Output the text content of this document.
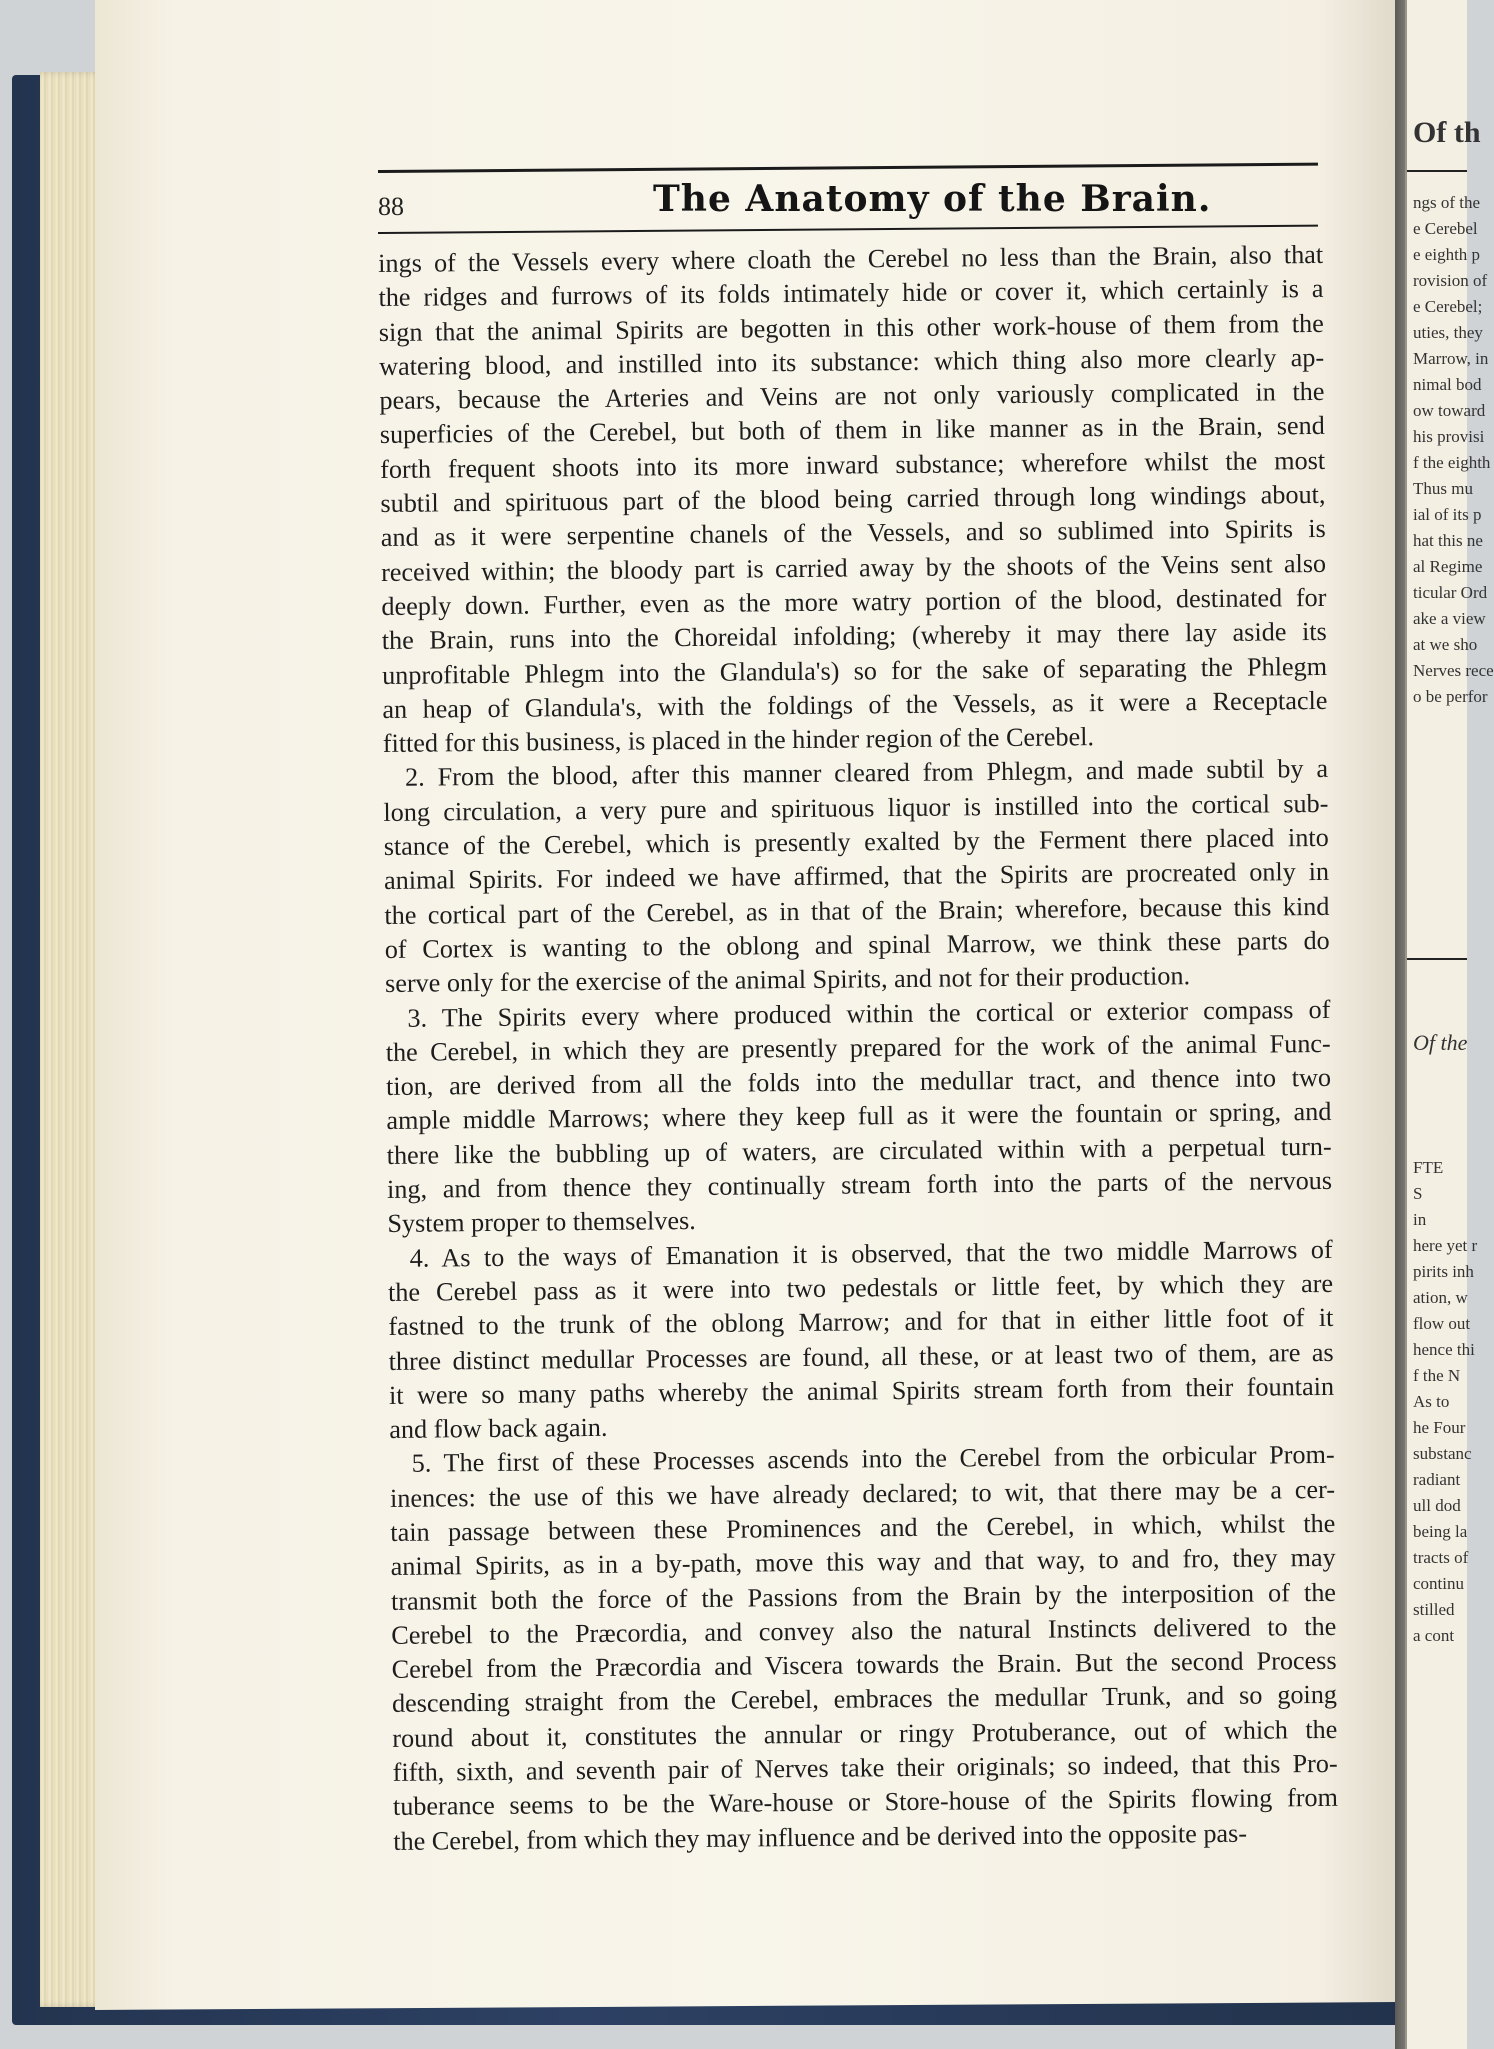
88	The Anatomy of the Brain.

ings of the Vessels every where cloath the Cerebel no less than the Brain, also that
the ridges and furrows of its folds intimately hide or cover it, which certainly is a
sign that the animal Spirits are begotten in this other work-house of them from the
watering blood, and instilled into its substance: which thing also more clearly ap-
pears, because the Arteries and Veins are not only variously complicated in the
superficies of the Cerebel, but both of them in like manner as in the Brain, send
forth frequent shoots into its more inward substance; wherefore whilst the most
subtil and spirituous part of the blood being carried through long windings about,
and as it were serpentine chanels of the Vessels, and so sublimed into Spirits is
received within; the bloody part is carried away by the shoots of the Veins sent also
deeply down. Further, even as the more watry portion of the blood, destinated for
the Brain, runs into the Choreidal infolding; (whereby it may there lay aside its
unprofitable Phlegm into the Glandula's) so for the sake of separating the Phlegm
an heap of Glandula's, with the foldings of the Vessels, as it were a Receptacle
fitted for this business, is placed in the hinder region of the Cerebel.

2. From the blood, after this manner cleared from Phlegm, and made subtil by a
long circulation, a very pure and spirituous liquor is instilled into the cortical sub-
stance of the Cerebel, which is presently exalted by the Ferment there placed into
animal Spirits. For indeed we have affirmed, that the Spirits are procreated only in
the cortical part of the Cerebel, as in that of the Brain; wherefore, because this kind
of Cortex is wanting to the oblong and spinal Marrow, we think these parts do
serve only for the exercise of the animal Spirits, and not for their production.

3. The Spirits every where produced within the cortical or exterior compass of
the Cerebel, in which they are presently prepared for the work of the animal Func-
tion, are derived from all the folds into the medullar tract, and thence into two
ample middle Marrows; where they keep full as it were the fountain or spring, and
there like the bubbling up of waters, are circulated within with a perpetual turn-
ing, and from thence they continually stream forth into the parts of the nervous
System proper to themselves.

4. As to the ways of Emanation it is observed, that the two middle Marrows of
the Cerebel pass as it were into two pedestals or little feet, by which they are
fastned to the trunk of the oblong Marrow; and for that in either little foot of it
three distinct medullar Processes are found, all these, or at least two of them, are as
it were so many paths whereby the animal Spirits stream forth from their fountain
and flow back again.

5. The first of these Processes ascends into the Cerebel from the orbicular Prom-
inences: the use of this we have already declared; to wit, that there may be a cer-
tain passage between these Prominences and the Cerebel, in which, whilst the
animal Spirits, as in a by-path, move this way and that way, to and fro, they may
transmit both the force of the Passions from the Brain by the interposition of the
Cerebel to the Præcordia, and convey also the natural Instincts delivered to the
Cerebel from the Præcordia and Viscera towards the Brain. But the second Process
descending straight from the Cerebel, embraces the medullar Trunk, and so going
round about it, constitutes the annular or ringy Protuberance, out of which the
fifth, sixth, and seventh pair of Nerves take their originals; so indeed, that this Pro-
tuberance seems to be the Ware-house or Store-house of the Spirits flowing from
the Cerebel, from which they may influence and be derived into the opposite pas-

Of th
ngs of the
e Cerebel
e eighth p
rovision of
e Cerebel;
uties, they
Marrow, in
nimal bod
ow toward
his provisi
f the eighth
Thus mu
ial of its p
hat this ne
al Regime
ticular Ord
ake a view
at we sho
Nerves rece
o be perfor
Of the
FTE
S
in
here yet r
pirits inh
ation, w
flow out
hence thi
f the N
As to
he Four
substanc
radiant
ull dod
being la
tracts of
continu
stilled
a cont
